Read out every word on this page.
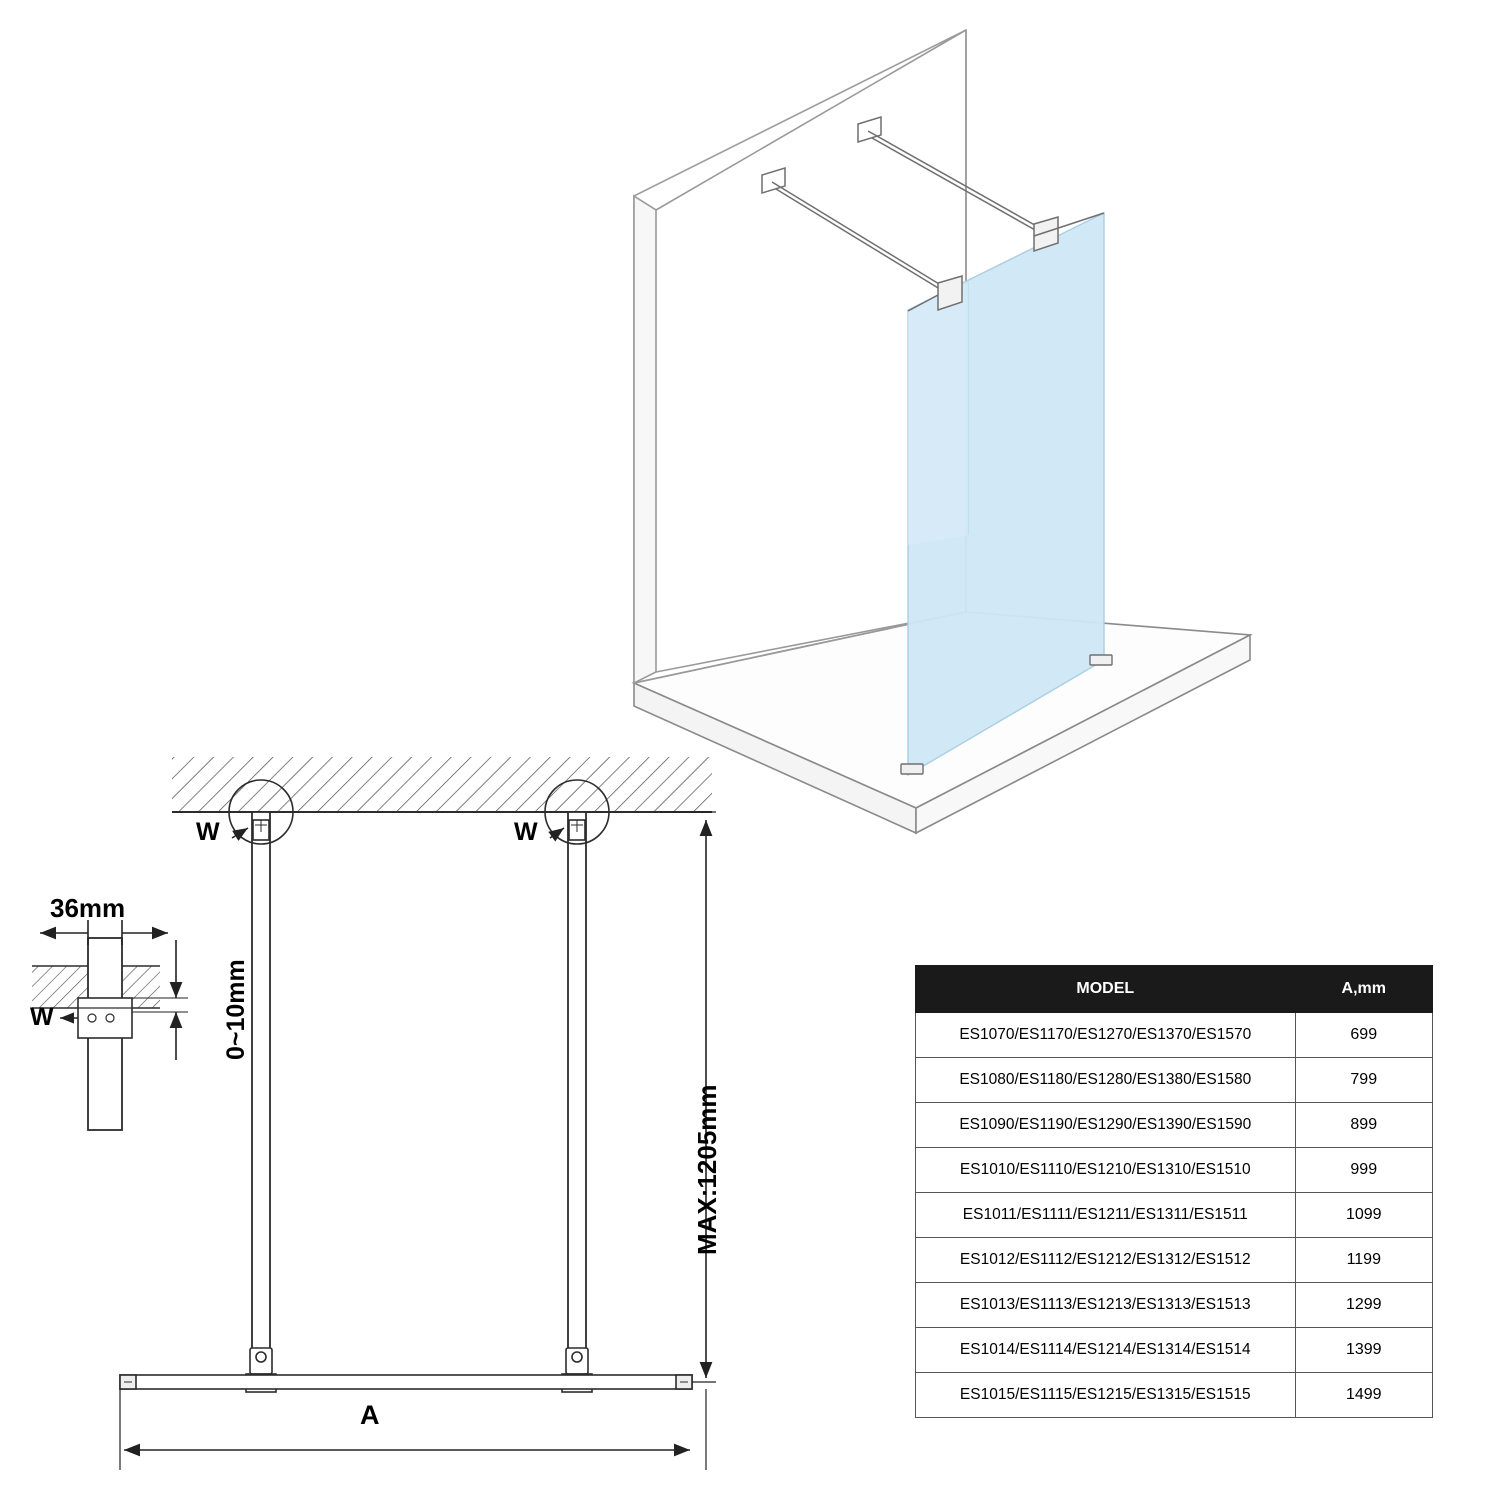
W	W
W
36mm
0~10mm
MAX:1205mm
A
MODEL	A,mm
ES1070/ES1170/ES1270/ES1370/ES1570	699
ES1080/ES1180/ES1280/ES1380/ES1580	799
ES1090/ES1190/ES1290/ES1390/ES1590	899
ES1010/ES1110/ES1210/ES1310/ES1510	999
ES1011/ES1111/ES1211/ES1311/ES1511	1099
ES1012/ES1112/ES1212/ES1312/ES1512	1199
ES1013/ES1113/ES1213/ES1313/ES1513	1299
ES1014/ES1114/ES1214/ES1314/ES1514	1399
ES1015/ES1115/ES1215/ES1315/ES1515	1499
